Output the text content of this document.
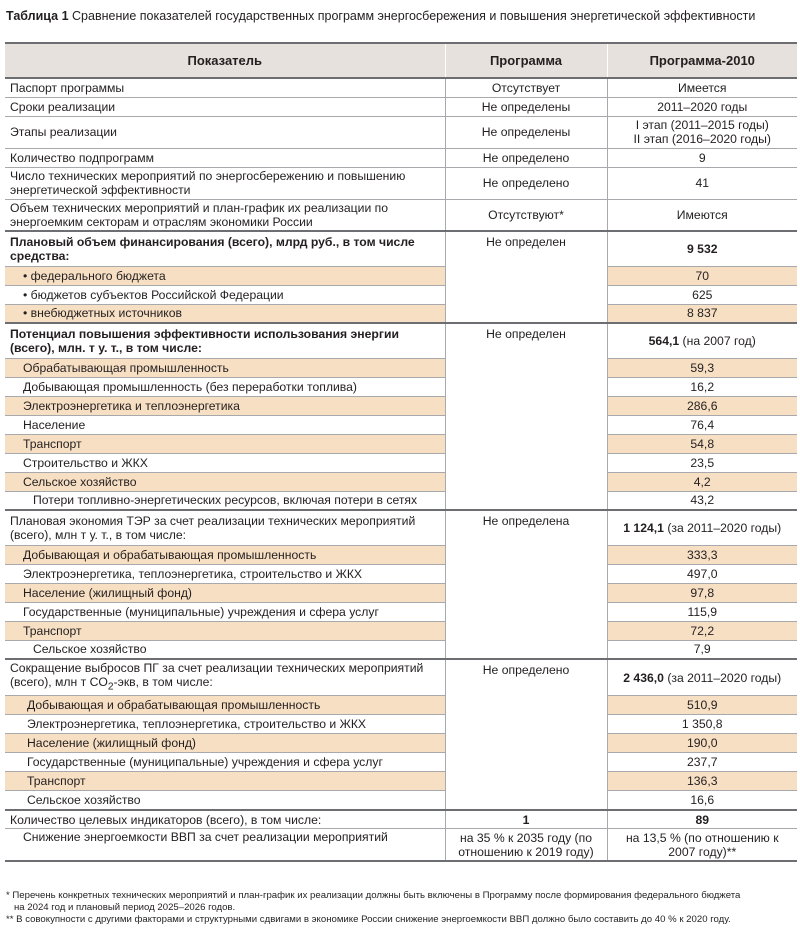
Таблица 1 Сравнение показателей государственных программ энергосбережения и повышения энергетической эффективности
Показатель	Программа	Программа-2010
Паспорт программы	Отсутствует	Имеется
Сроки реализации	Не определены	2011–2020 годы
Этапы реализации	Не определены	I этап (2011–2015 годы)
II этап (2016–2020 годы)

Количество подпрограмм	Не определено	9
Число технических мероприятий по энергосбережению и повышению энергетической эффективности	Не определено	41
Объем технических мероприятий и план-график их реализации по энергоемким секторам и отраслям экономики России	Отсутствуют*	Имеются
Плановый объем финансирования (всего), млрд руб., в том числе средства:	Не определен	9 532
• федерального бюджета		70
• бюджетов субъектов Российской Федерации		625
• внебюджетных источников		8 837
Потенциал повышения эффективности использования энергии (всего), млн. т у. т., в том числе:	Не определен	564,1 (на 2007 год)
Обрабатывающая промышленность		59,3
Добывающая промышленность (без переработки топлива)		16,2
Электроэнергетика и теплоэнергетика		286,6
Население		76,4
Транспорт		54,8
Строительство и ЖКХ		23,5
Сельское хозяйство		4,2
Потери топливно-энергетических ресурсов, включая потери в сетях		43,2
Плановая экономия ТЭР за счет реализации технических мероприятий (всего), млн т у. т., в том числе:	Не определена	1 124,1 (за 2011–2020 годы)
Добывающая и обрабатывающая промышленность		333,3
Электроэнергетика, теплоэнергетика, строительство и ЖКХ		497,0
Население (жилищный фонд)		97,8
Государственные (муниципальные) учреждения и сфера услуг		115,9
Транспорт		72,2
Сельское хозяйство		7,9
Сокращение выбросов ПГ за счет реализации технических мероприятий (всего), млн т $CO_2$-экв, в том числе:	Не определено	2 436,0 (за 2011–2020 годы)
Добывающая и обрабатывающая промышленность		510,9
Электроэнергетика, теплоэнергетика, строительство и ЖКХ		1 350,8
Население (жилищный фонд)		190,0
Государственные (муниципальные) учреждения и сфера услуг		237,7
Транспорт		136,3
Сельское хозяйство		16,6
Количество целевых индикаторов (всего), в том числе:	1	89
Снижение энергоемкости ВВП за счет реализации мероприятий	на 35 % к 2035 году (по отношению к 2019 году)	на 13,5 % (по отношению к 2007 году)**
* Перечень конкретных технических мероприятий и план-график их реализации должны быть включены в Программу после формирования федерального бюджета
на 2024 год и плановый период 2025–2026 годов.
** В совокупности с другими факторами и структурными сдвигами в экономике России снижение энергоемкости ВВП должно было составить до 40 % к 2020 году.
